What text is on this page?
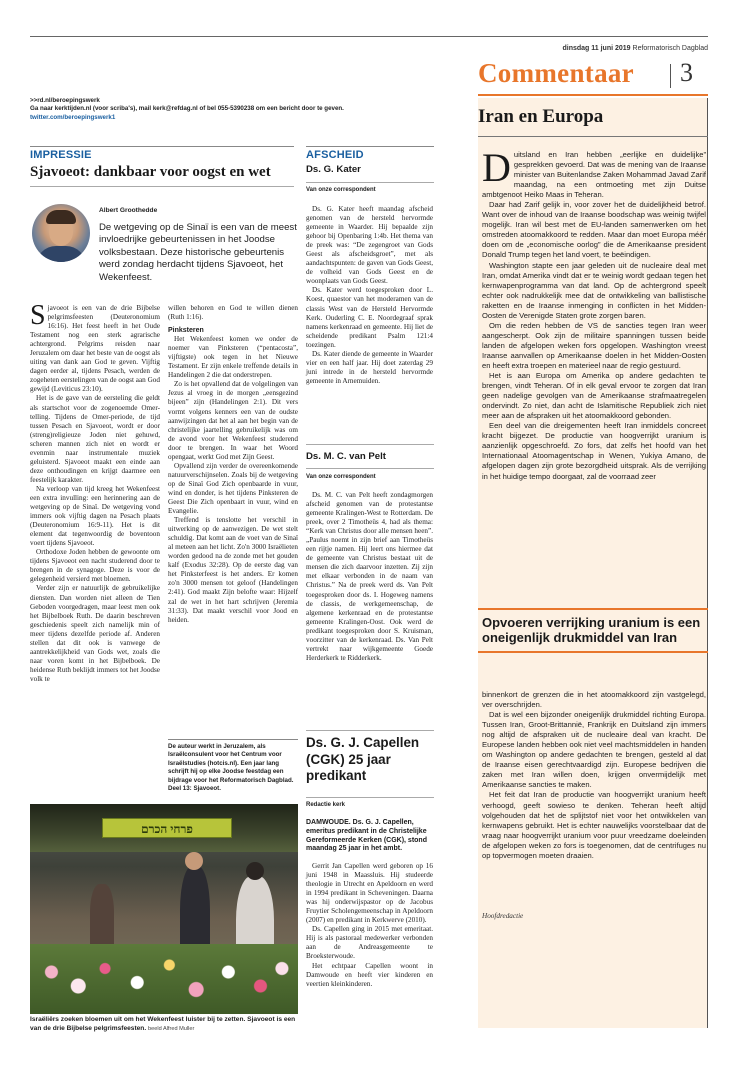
dinsdag 11 juni 2019 Reformatorisch Dagblad
Commentaar 3
>>rd.nl/beroepingswerk
Ga naar kerktijden.nl (voor scriba's), mail kerk@refdag.nl of bel 055-5390238 om een bericht door te geven.
twitter.com/beroepingswerk1
IMPRESSIE
Sjavoeot: dankbaar voor oogst en wet
Albert Groothedde
De wetgeving op de Sinaï is een van de meest invloedrijke gebeurtenissen in het Joodse volksbestaan. Deze historische gebeurtenis werd zondag herdacht tijdens Sjavoeot, het Wekenfeest.

Sjavoeot is een van de drie Bijbelse pelgrimsfeesten (Deuteronomium 16:16). Het feest heeft in het Oude Testament nog een sterk agrarische achtergrond. Pelgrims reisden naar Jeruzalem om daar het beste van de oogst als uiting van dank aan God te geven. Vijftig dagen eerder al, tijdens Pesach, werden de zogeheten eerstelingen van de oogst aan God gewijd (Leviticus 23:10).

Het is de gave van de eersteling die geldt als startschot voor de zogenoemde Omer-telling. Tijdens de Omer-periode, de tijd tussen Pesach en Sjavoeot, wordt er door (streng)religieuze Joden niet gehuwd, scheren mannen zich niet en wordt er evenmin naar instrumentale muziek geluisterd. Sjavoeot maakt een einde aan deze onthoudingen en krijgt daarmee een feestelijk karakter.

Na verloop van tijd kreeg het Wekenfeest een extra invulling: een herinnering aan de wetgeving op de Sinaï. De wetgeving vond immers ook vijftig dagen na Pesach plaats (Deuteronomium 16:9-11). Het is dit element dat tegenwoordig de boventoon voert tijdens Sjavoeot.

Orthodoxe Joden hebben de gewoonte om tijdens Sjavoeot een nacht studerend door te brengen in de synagoge. Deze is voor de gelegenheid versierd met bloemen.

Verder zijn er natuurlijk de gebruikelijke diensten. Dan worden niet alleen de Tien Geboden voorgedragen, maar leest men ook het Bijbelboek Ruth. De daarin beschreven geschiedenis speelt zich namelijk min of meer tijdens dezelfde periode af. Anderen stellen dat dit ook is vanwege de aantrekkelijkheid van Gods wet, zoals die naar voren komt in het Bijbelboek. De heidense Ruth beklijdt immers tot het Joodse volk te

willen behoren en God te willen dienen (Ruth 1:16).

Pinksteren

Het Wekenfeest komen we onder de noemer van Pinksteren (“pentacosta”, vijftigste) ook tegen in het Nieuwe Testament. Er zijn enkele treffende details in Handelingen 2 die dat onderstrepen.

Zo is het opvallend dat de volgelingen van Jezus al vroeg in de morgen „eensgezind bijeen” zijn (Handelingen 2:1). Dit vers vormt volgens kenners een van de oudste aanwijzingen dat het al aan het begin van de christelijke jaartelling gebruikelijk was om de avond voor het Wekenfeest studerend door te brengen. In waar het Woord opengaat, werkt God met Zijn Geest.

Opvallend zijn verder de overeenkomende natuurverschijnselen. Zoals bij de wetgeving op de Sinaï God Zich openbaarde in vuur, wind en donder, is het tijdens Pinksteren de Geest Die Zich openbaart in vuur, wind en Evangelie.

Treffend is tenslotte het verschil in uitwerking op de aanwezigen. De wet stelt schuldig. Dat komt aan de voet van de Sinaï al meteen aan het licht. Zo'n 3000 Israëlieten worden gedood na de zonde met het gouden kalf (Exodus 32:28). Op de eerste dag van het Pinksterfeest is het anders. Er komen zo'n 3000 mensen tot geloof (Handelingen 2:41). God maakt Zijn belofte waar: Hijzelf zal de wet in het hart schrijven (Jeremia 31:33). Dat maakt verschil voor Jood en heiden.

De auteur werkt in Jeruzalem, als Israëlconsulent voor het Centrum voor Israëlstudies (hotcis.nl). Een jaar lang schrijft hij op elke Joodse feestdag een bijdrage voor het Reformatorisch Dagblad. Deel 13: Sjavoeot.
פרחי הכרם
Israëliërs zoeken bloemen uit om het Wekenfeest luister bij te zetten. Sjavoeot is een van de drie Bijbelse pelgrimsfeesten. beeld Alfred Muller
AFSCHEID
Ds. G. Kater
Van onze correspondent

Ds. G. Kater heeft maandag afscheid genomen van de hersteld hervormde gemeente in Waarder. Hij bepaalde zijn gehoor bij Openbaring 1:4b. Het thema van de preek was: “De zegengroet van Gods Geest als afscheidsgroet”, met als aandachtspunten: de gaven van Gods Geest, de volheid van Gods Geest en de woonplaats van Gods Geest.

Ds. Kater werd toegesproken door L. Koest, quaestor van het moderamen van de classis West van de Hersteld Hervormde Kerk. Ouderling C. E. Noordegraaf sprak namens kerkenraad en gemeente. Hij liet de scheidende predikant Psalm 121:4 toezingen.

Ds. Kater diende de gemeente in Waarder vier en een half jaar. Hij doet zaterdag 29 juni intrede in de hersteld hervormde gemeente in Arnemuiden.

Ds. M. C. van Pelt
Van onze correspondent

Ds. M. C. van Pelt heeft zondagmorgen afscheid genomen van de protestantse gemeente Kralingen-West te Rotterdam. De preek, over 2 Timotheüs 4, had als thema: “Kerk van Christus door alle mensen heen”. „Paulus noemt in zijn brief aan Timotheüs een rijtje namen. Hij leert ons hiermee dat de gemeente van Christus bestaat uit de mensen die zich daarvoor inzetten. Zij zijn met elkaar verbonden in de naam van Christus.” Na de preek werd ds. Van Pelt toegesproken door ds. I. Hogeweg namens de classis, de werkgemeenschap, de algemene kerkenraad en de protestantse gemeente Kralingen-Oost. Ook werd de predikant toegesproken door S. Kruisman, voorzitter van de kerkenraad. Ds. Van Pelt vertrekt naar wijkgemeente Goede Herderkerk te Ridderkerk.

Ds. G. J. Capellen (CGK) 25 jaar predikant
Redactie kerk
DAMWOUDE. Ds. G. J. Capellen, emeritus predikant in de Christelijke Gereformeerde Kerken (CGK), stond maandag 25 jaar in het ambt.

Gerrit Jan Capellen werd geboren op 16 juni 1948 in Maassluis. Hij studeerde theologie in Utrecht en Apeldoorn en werd in 1994 predikant in Scheveningen. Daarna was hij onderwijspastor op de Jacobus Fruytier Scholengemeenschap in Apeldoorn (2007) en predikant in Kerkwerve (2010).

Ds. Capellen ging in 2015 met emeritaat. Hij is als pastoraal medewerker verbonden aan de Andreasgemeente te Broeksterwoude.

Het echtpaar Capellen woont in Damwoude en heeft vier kinderen en veertien kleinkinderen.

Iran en Europa

Duitsland en Iran hebben „eerlijke en duidelijke” gesprekken gevoerd. Dat was de mening van de Iraanse minister van Buitenlandse Zaken Mohammad Javad Zarif maandag, na een ontmoeting met zijn Duitse ambtgenoot Heiko Maas in Teheran.

Daar had Zarif gelijk in, voor zover het de duidelijkheid betrof. Want over de inhoud van de Iraanse boodschap was weinig twijfel mogelijk. Iran wil best met de EU-landen samenwerken om het omstreden atoomakkoord te redden. Maar dan moet Europa méér doen om de „economische oorlog” die de Amerikaanse president Donald Trump tegen het land voert, te beëindigen.

Washington stapte een jaar geleden uit de nucleaire deal met Iran, omdat Amerika vindt dat er te weinig wordt gedaan tegen het kernwapenprogramma van dat land. Op de achtergrond speelt echter ook nadrukkelijk mee dat de ontwikkeling van ballistische raketten en de Iraanse inmenging in conflicten in het Midden-Oosten de Verenigde Staten grote zorgen baren.

Om die reden hebben de VS de sancties tegen Iran weer aangescherpt. Ook zijn de militaire spanningen tussen beide landen de afgelopen weken fors opgelopen. Washington vreest Iraanse aanvallen op Amerikaanse doelen in het Midden-Oosten en heeft extra troepen en materieel naar de regio gestuurd.

Het is aan Europa om Amerika op andere gedachten te brengen, vindt Teheran. Of in elk geval ervoor te zorgen dat Iran geen nadelige gevolgen van de Amerikaanse strafmaatregelen ondervindt. Zo niet, dan acht de Islamitische Republiek zich niet meer aan de afspraken uit het atoomakkoord gebonden.

Een deel van die dreigementen heeft Iran inmiddels concreet kracht bijgezet. De productie van hoogverrijkt uranium is aanzienlijk opgeschroefd. Zo fors, dat zelfs het hoofd van het Internationaal Atoomagentschap in Wenen, Yukiya Amano, de afgelopen dagen zijn grote bezorgdheid uitsprak. Als de verrijking in het huidige tempo doorgaat, zal de voorraad zeer

Opvoeren verrijking uranium is een oneigenlijk drukmiddel van Iran

binnenkort de grenzen die in het atoomakkoord zijn vastgelegd, ver overschrijden.

Dat is wel een bijzonder oneigenlijk drukmiddel richting Europa. Tussen Iran, Groot-Brittannië, Frankrijk en Duitsland zijn immers nog altijd de afspraken uit de nucleaire deal van kracht. De Europese landen hebben ook niet veel machtsmiddelen in handen om Washington op andere gedachten te brengen, gesteld al dat de Iraanse eisen gerechtvaardigd zijn. Europese bedrijven die zaken met Iran willen doen, krijgen onvermijdelijk met Amerikaanse sancties te maken.

Het feit dat Iran de productie van hoogverrijkt uranium heeft verhoogd, geeft sowieso te denken. Teheran heeft altijd volgehouden dat het de splijtstof niet voor het ontwikkelen van kernwapens gebruikt. Het is echter nauwelijks voorstelbaar dat de vraag naar hoogverrijkt uranium voor puur vreedzame doeleinden de afgelopen weken zo fors is toegenomen, dat de centrifuges nu op topvermogen moeten draaien.

Hoofdredactie
